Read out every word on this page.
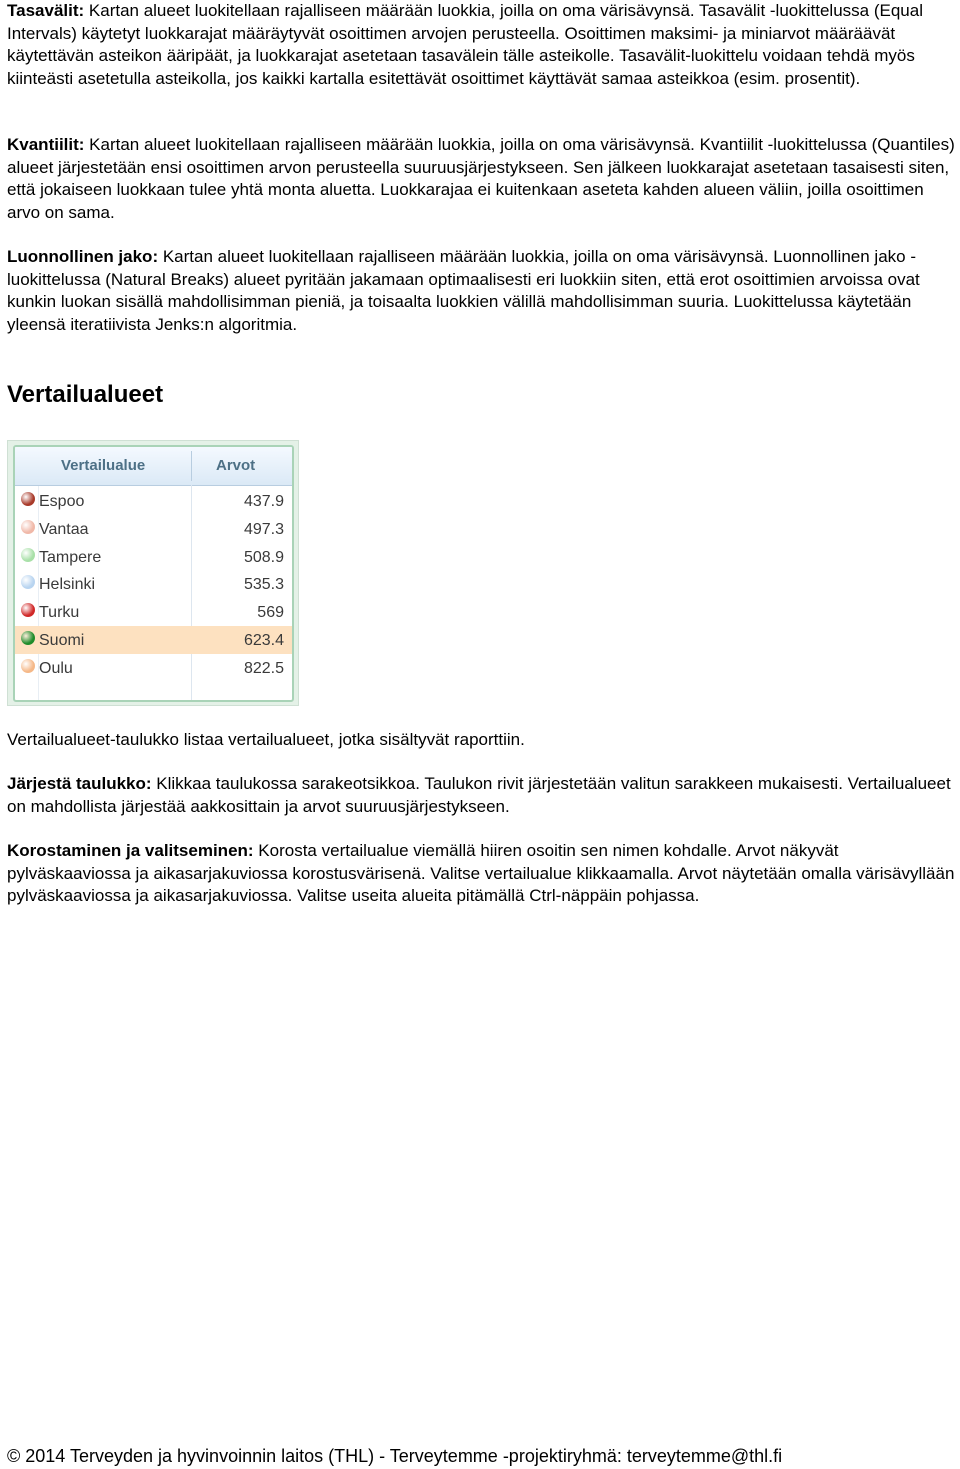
Tasavälit: Kartan alueet luokitellaan rajalliseen määrään luokkia, joilla on oma värisävynsä. Tasavälit -luokittelussa (Equal Intervals) käytetyt luokkarajat määräytyvät osoittimen arvojen perusteella. Osoittimen maksimi- ja miniarvot määräävät käytettävän asteikon ääripäät, ja luokkarajat asetetaan tasavälein tälle asteikolle. Tasavälit-luokittelu voidaan tehdä myös kiinteästi asetetulla asteikolla, jos kaikki kartalla esitettävät osoittimet käyttävät samaa asteikkoa (esim. prosentit).

Kvantiilit: Kartan alueet luokitellaan rajalliseen määrään luokkia, joilla on oma värisävynsä. Kvantiilit -luokittelussa (Quantiles) alueet järjestetään ensi osoittimen arvon perusteella suuruusjärjestykseen. Sen jälkeen luokkarajat asetetaan tasaisesti siten, että jokaiseen luokkaan tulee yhtä monta aluetta. Luokkarajaa ei kuitenkaan aseteta kahden alueen väliin, joilla osoittimen arvo on sama.

Luonnollinen jako: Kartan alueet luokitellaan rajalliseen määrään luokkia, joilla on oma värisävynsä. Luonnollinen jako -luokittelussa (Natural Breaks) alueet pyritään jakamaan optimaalisesti eri luokkiin siten, että erot osoittimien arvoissa ovat kunkin luokan sisällä mahdollisimman pieniä, ja toisaalta luokkien välillä mahdollisimman suuria. Luokittelussa käytetään yleensä iteratiivista Jenks:n algoritmia.

Vertailualueet
Vertailualue	Arvot
Espoo	437.9
Vantaa	497.3
Tampere	508.9
Helsinki	535.3
Turku	569
Suomi	623.4
Oulu	822.5

Vertailualueet-taulukko listaa vertailualueet, jotka sisältyvät raporttiin.

Järjestä taulukko: Klikkaa taulukossa sarakeotsikkoa. Taulukon rivit järjestetään valitun sarakkeen mukaisesti. Vertailualueet on mahdollista järjestää aakkosittain ja arvot suuruusjärjestykseen.

Korostaminen ja valitseminen: Korosta vertailualue viemällä hiiren osoitin sen nimen kohdalle. Arvot näkyvät pylväskaaviossa ja aikasarjakuviossa korostusvärisenä. Valitse vertailualue klikkaamalla. Arvot näytetään omalla värisävyllään pylväskaaviossa ja aikasarjakuviossa. Valitse useita alueita pitämällä Ctrl-näppäin pohjassa.

© 2014 Terveyden ja hyvinvoinnin laitos (THL) - Terveytemme -projektiryhmä: terveytemme@thl.fi
